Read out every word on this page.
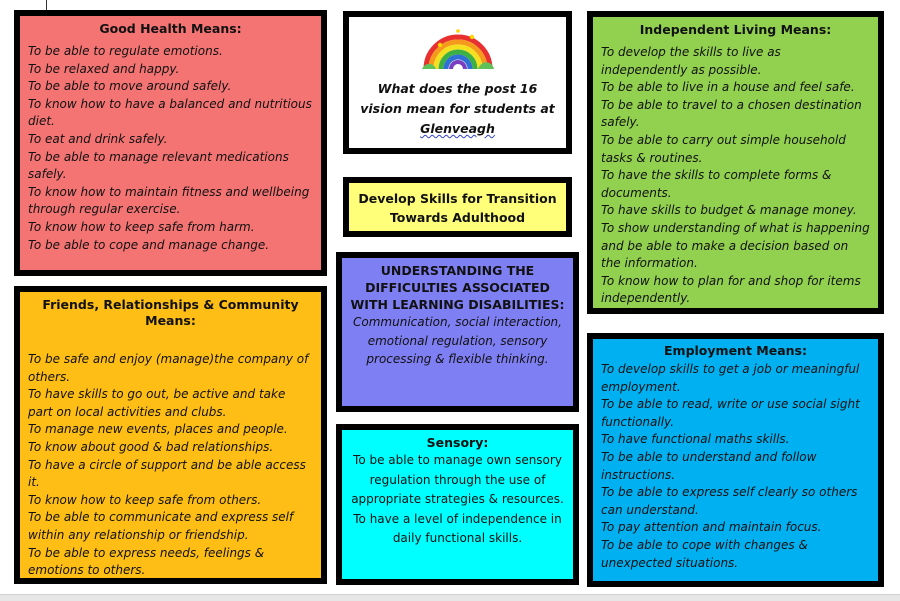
Good Health Means:

To be able to regulate emotions.

To be relaxed and happy.

To be able to move around safely.

To know how to have a balanced and nutritious diet.

To eat and drink safely.

To be able to manage relevant medications safely.

To know how to maintain fitness and wellbeing through regular exercise.

To know how to keep safe from harm.

To be able to cope and manage change.

Friends, Relationships & Community Means:

To be safe and enjoy (manage)the company of others.

To have skills to go out, be active and take part on local activities and clubs.

To manage new events, places and people.

To know about good & bad relationships.

To have a circle of support and be able access it.

To know how to keep safe from others.

To be able to communicate and express self within any relationship or friendship.

To be able to express needs, feelings & emotions to others.

What does the post 16 vision mean for students at
Glenveagh
Develop Skills for Transition Towards Adulthood
UNDERSTANDING THE DIFFICULTIES ASSOCIATED WITH LEARNING DISABILITIES:
Communication, social interaction, emotional regulation, sensory processing & flexible thinking.
Sensory:
To be able to manage own sensory regulation through the use of appropriate strategies & resources.
To have a level of independence in daily functional skills.
Independent Living Means:

To develop the skills to live as independently as possible.

To be able to live in a house and feel safe.

To be able to travel to a chosen destination safely.

To be able to carry out simple household tasks & routines.

To have the skills to complete forms & documents.

To have skills to budget & manage money.

To show understanding of what is happening and be able to make a decision based on the information.

To know how to plan for and shop for items independently.

Employment Means:

To develop skills to get a job or meaningful employment.

To be able to read, write or use social sight functionally.

To have functional maths skills.

To be able to understand and follow instructions.

To be able to express self clearly so others can understand.

To pay attention and maintain focus.

To be able to cope with changes & unexpected situations.
